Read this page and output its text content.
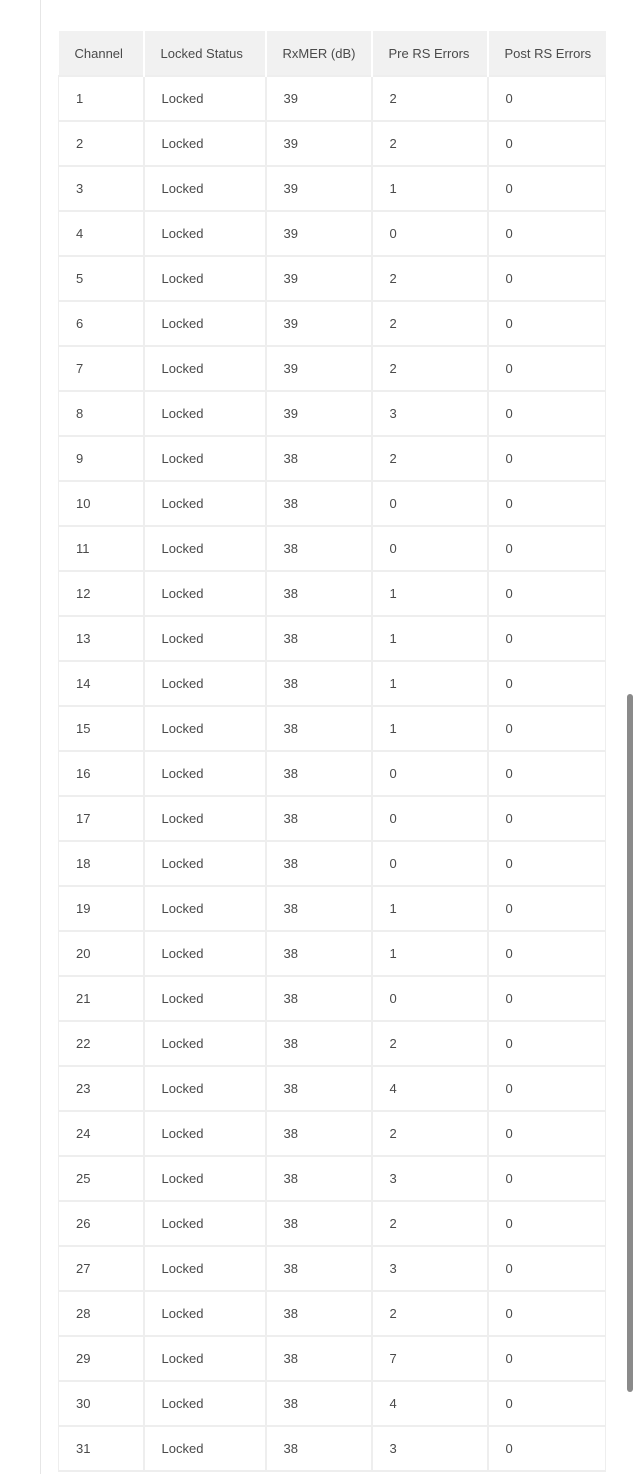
Channel	Locked Status	RxMER (dB)	Pre RS Errors	Post RS Errors
1	Locked	39	2	0
2	Locked	39	2	0
3	Locked	39	1	0
4	Locked	39	0	0
5	Locked	39	2	0
6	Locked	39	2	0
7	Locked	39	2	0
8	Locked	39	3	0
9	Locked	38	2	0
10	Locked	38	0	0
11	Locked	38	0	0
12	Locked	38	1	0
13	Locked	38	1	0
14	Locked	38	1	0
15	Locked	38	1	0
16	Locked	38	0	0
17	Locked	38	0	0
18	Locked	38	0	0
19	Locked	38	1	0
20	Locked	38	1	0
21	Locked	38	0	0
22	Locked	38	2	0
23	Locked	38	4	0
24	Locked	38	2	0
25	Locked	38	3	0
26	Locked	38	2	0
27	Locked	38	3	0
28	Locked	38	2	0
29	Locked	38	7	0
30	Locked	38	4	0
31	Locked	38	3	0
